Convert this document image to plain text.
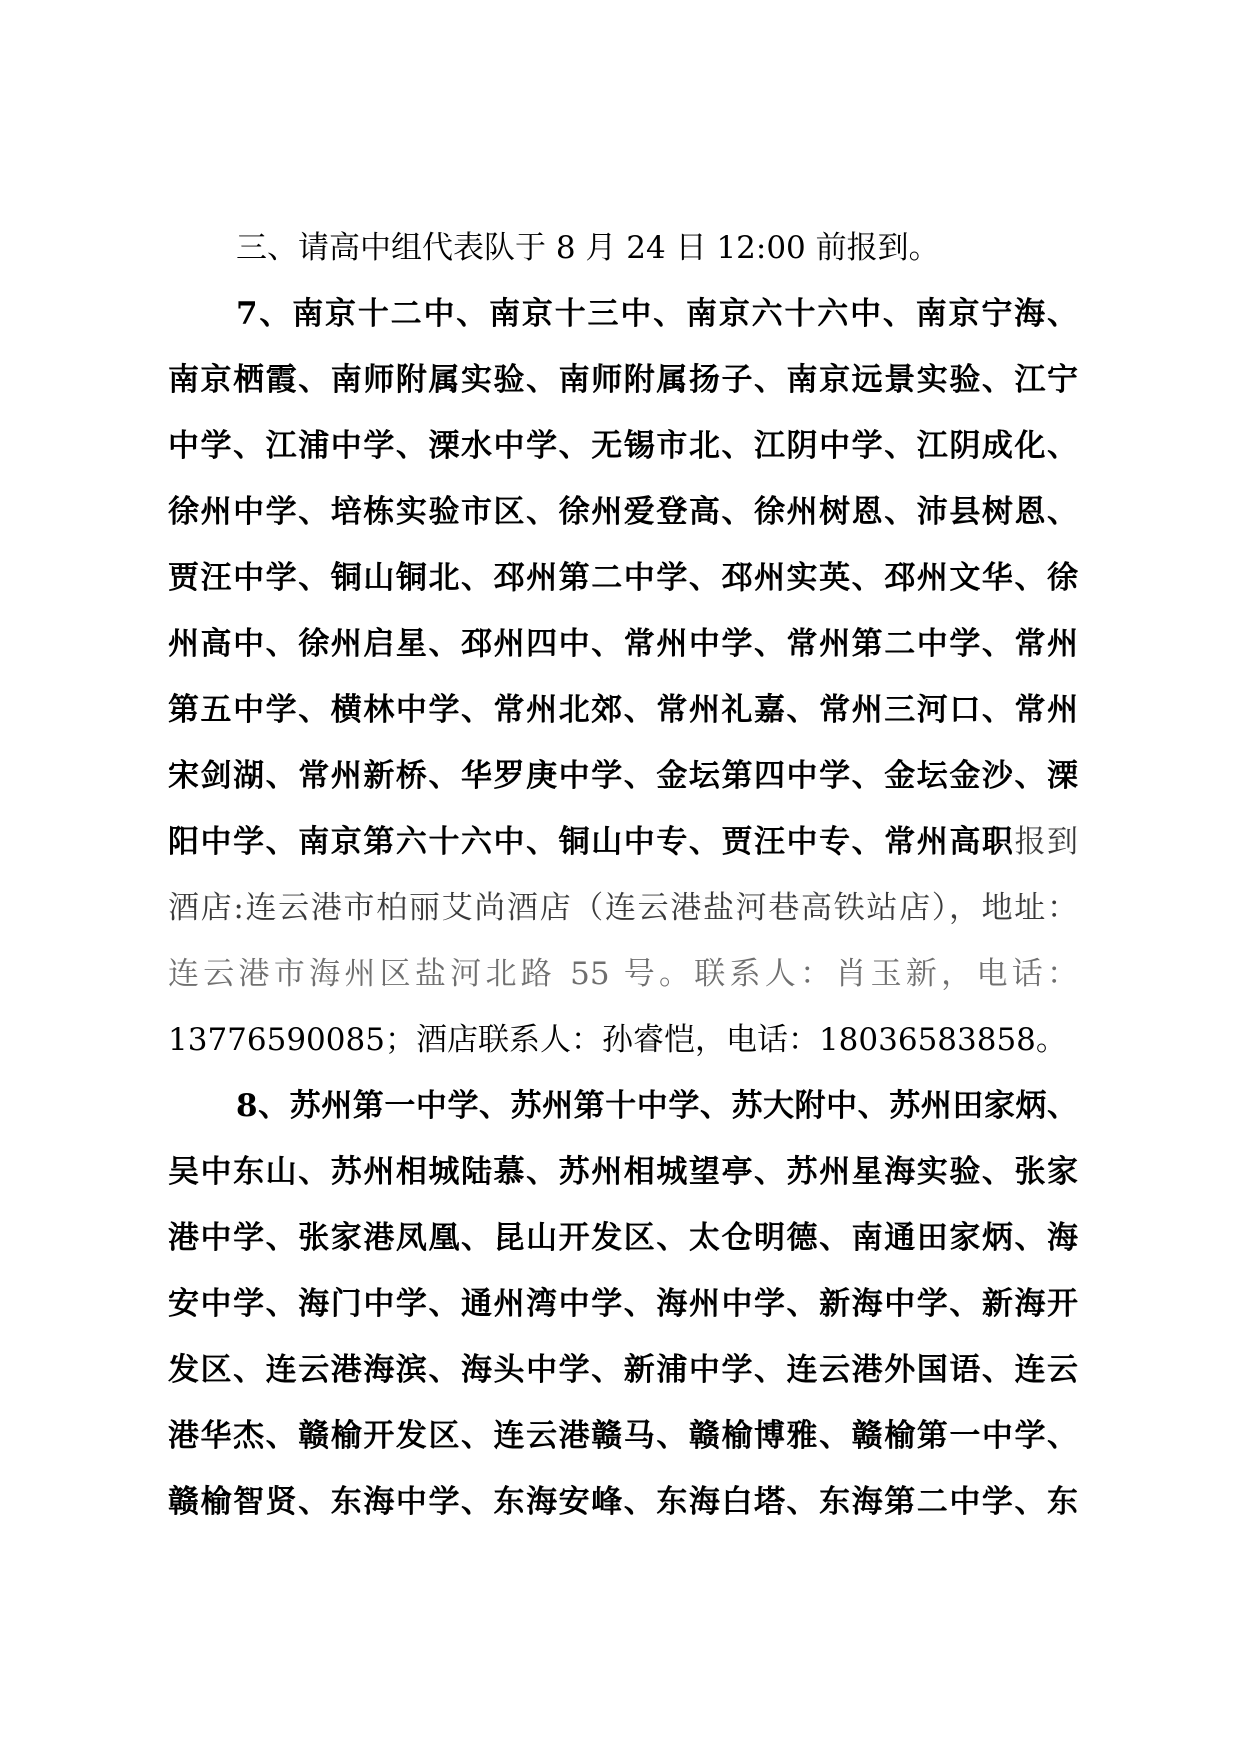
三、请高中组代表队于 8 月 24 日 12:00 前报到。
7、南京十二中、南京十三中、南京六十六中、南京宁海、
南京栖霞、南师附属实验、南师附属扬子、南京远景实验、江宁
中学、江浦中学、溧水中学、无锡市北、江阴中学、江阴成化、
徐州中学、培栋实验市区、徐州爱登高、徐州树恩、沛县树恩、
贾汪中学、铜山铜北、邳州第二中学、邳州实英、邳州文华、徐
州高中、徐州启星、邳州四中、常州中学、常州第二中学、常州
第五中学、横林中学、常州北郊、常州礼嘉、常州三河口、常州
宋剑湖、常州新桥、华罗庚中学、金坛第四中学、金坛金沙、溧
阳中学、南京第六十六中、铜山中专、贾汪中专、常州高职报到
酒店:连云港市柏丽艾尚酒店（连云港盐河巷高铁站店），地址：
连云港市海州区盐河北路 55 号。联系人：肖玉新，电话：
13776590085；酒店联系人：孙睿恺，电话：18036583858。
8、苏州第一中学、苏州第十中学、苏大附中、苏州田家炳、
吴中东山、苏州相城陆慕、苏州相城望亭、苏州星海实验、张家
港中学、张家港凤凰、昆山开发区、太仓明德、南通田家炳、海
安中学、海门中学、通州湾中学、海州中学、新海中学、新海开
发区、连云港海滨、海头中学、新浦中学、连云港外国语、连云
港华杰、赣榆开发区、连云港赣马、赣榆博雅、赣榆第一中学、
赣榆智贤、东海中学、东海安峰、东海白塔、东海第二中学、东
